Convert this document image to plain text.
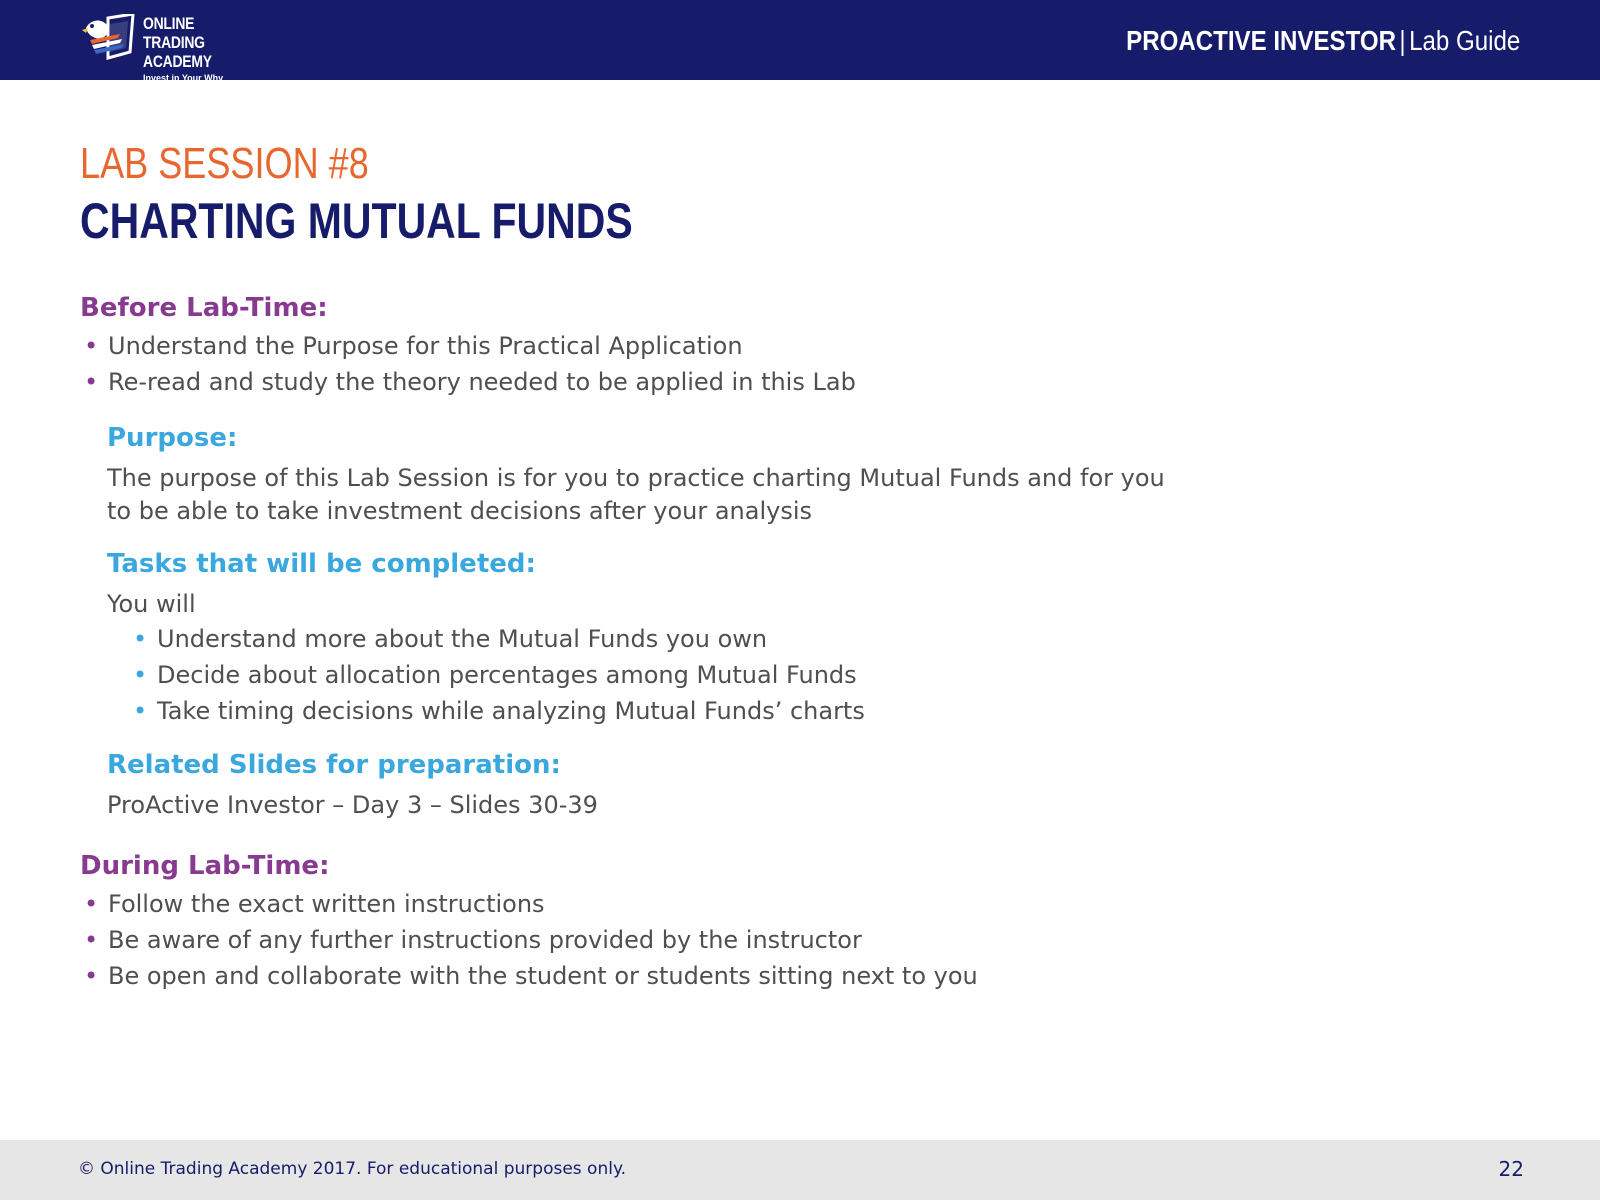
ONLINE TRADING
ACADEMY
Invest in Your Why
PROACTIVE INVESTOR | Lab Guide
LAB SESSION #8
CHARTING MUTUAL FUNDS
Before Lab-Time:
• Understand the Purpose for this Practical Application
• Re-read and study the theory needed to be applied in this Lab
Purpose:
The purpose of this Lab Session is for you to practice charting Mutual Funds and for you to be able to take investment decisions after your analysis
Tasks that will be completed:
You will
• Understand more about the Mutual Funds you own
• Decide about allocation percentages among Mutual Funds
• Take timing decisions while analyzing Mutual Funds’ charts
Related Slides for preparation:
ProActive Investor – Day 3 – Slides 30-39
During Lab-Time:
• Follow the exact written instructions
• Be aware of any further instructions provided by the instructor
• Be open and collaborate with the student or students sitting next to you
© Online Trading Academy 2017. For educational purposes only.	22
